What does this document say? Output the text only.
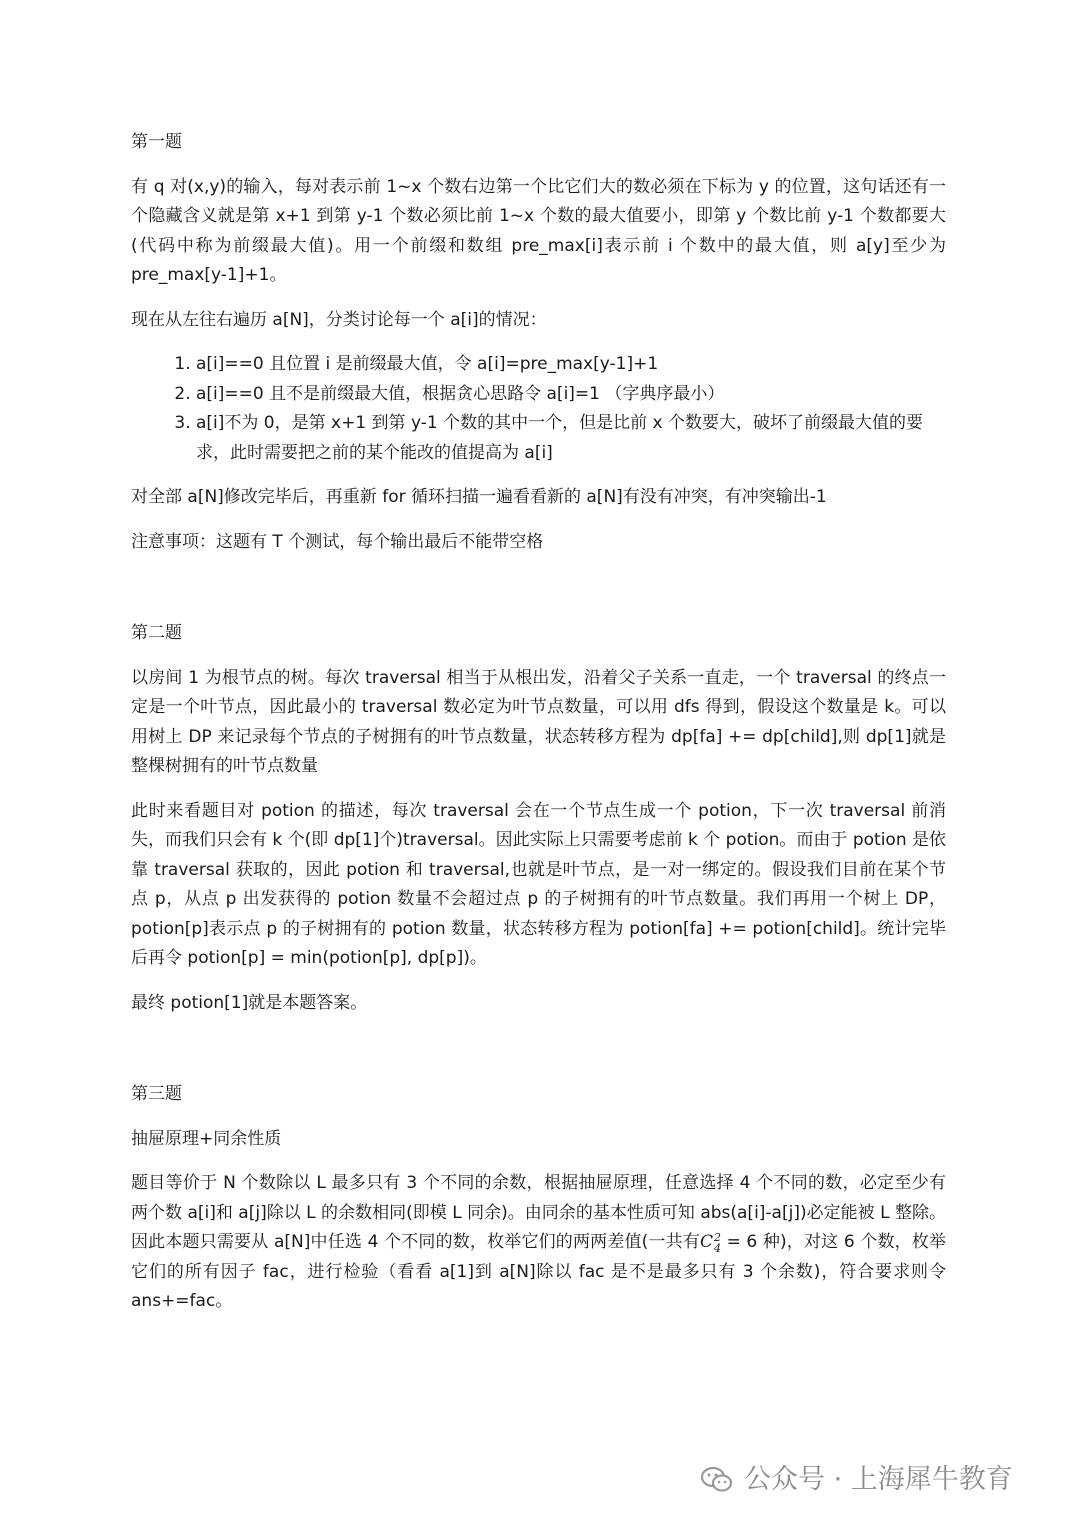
第一题

有 q 对(x,y)的输入，每对表示前 1~x 个数右边第一个比它们大的数必须在下标为 y 的位置，这句话还有一个隐藏含义就是第 x+1 到第 y-1 个数必须比前 1~x 个数的最大值要小，即第 y 个数比前 y-1 个数都要大(代码中称为前缀最大值)。用一个前缀和数组 pre_max[i]表示前 i 个数中的最大值，则 a[y]至少为 pre_max[y-1]+1。

现在从左往右遍历 a[N]，分类讨论每一个 a[i]的情况：

1. a[i]==0 且位置 i 是前缀最大值，令 a[i]=pre_max[y-1]+1
2. a[i]==0 且不是前缀最大值，根据贪心思路令 a[i]=1 （字典序最小）
3. a[i]不为 0，是第 x+1 到第 y-1 个数的其中一个，但是比前 x 个数要大，破坏了前缀最大值的要求，此时需要把之前的某个能改的值提高为 a[i]

对全部 a[N]修改完毕后，再重新 for 循环扫描一遍看看新的 a[N]有没有冲突，有冲突输出-1

注意事项：这题有 T 个测试，每个输出最后不能带空格

第二题

以房间 1 为根节点的树。每次 traversal 相当于从根出发，沿着父子关系一直走，一个 traversal 的终点一定是一个叶节点，因此最小的 traversal 数必定为叶节点数量，可以用 dfs 得到，假设这个数量是 k。可以用树上 DP 来记录每个节点的子树拥有的叶节点数量，状态转移方程为 dp[fa] += dp[child],则 dp[1]就是整棵树拥有的叶节点数量

此时来看题目对 potion 的描述，每次 traversal 会在一个节点生成一个 potion，下一次 traversal 前消失，而我们只会有 k 个(即 dp[1]个)traversal。因此实际上只需要考虑前 k 个 potion。而由于 potion 是依靠 traversal 获取的，因此 potion 和 traversal,也就是叶节点，是一对一绑定的。假设我们目前在某个节点 p，从点 p 出发获得的 potion 数量不会超过点 p 的子树拥有的叶节点数量。我们再用一个树上 DP，potion[p]表示点 p 的子树拥有的 potion 数量，状态转移方程为 potion[fa] += potion[child]。统计完毕后再令 potion[p] = min(potion[p], dp[p])。

最终 potion[1]就是本题答案。

第三题

抽屉原理+同余性质

题目等价于 N 个数除以 L 最多只有 3 个不同的余数，根据抽屉原理，任意选择 4 个不同的数，必定至少有两个数 a[i]和 a[j]除以 L 的余数相同(即模 L 同余)。由同余的基本性质可知 abs(a[i]-a[j])必定能被 L 整除。因此本题只需要从 a[N]中任选 4 个不同的数，枚举它们的两两差值(一共有C 2
4 = 6 种)，对这 6 个数，枚举它们的所有因子 fac，进行检验（看看 a[1]到 a[N]除以 fac 是不是最多只有 3 个余数)，符合要求则令 ans+=fac。

公众号 · 上海犀牛教育
